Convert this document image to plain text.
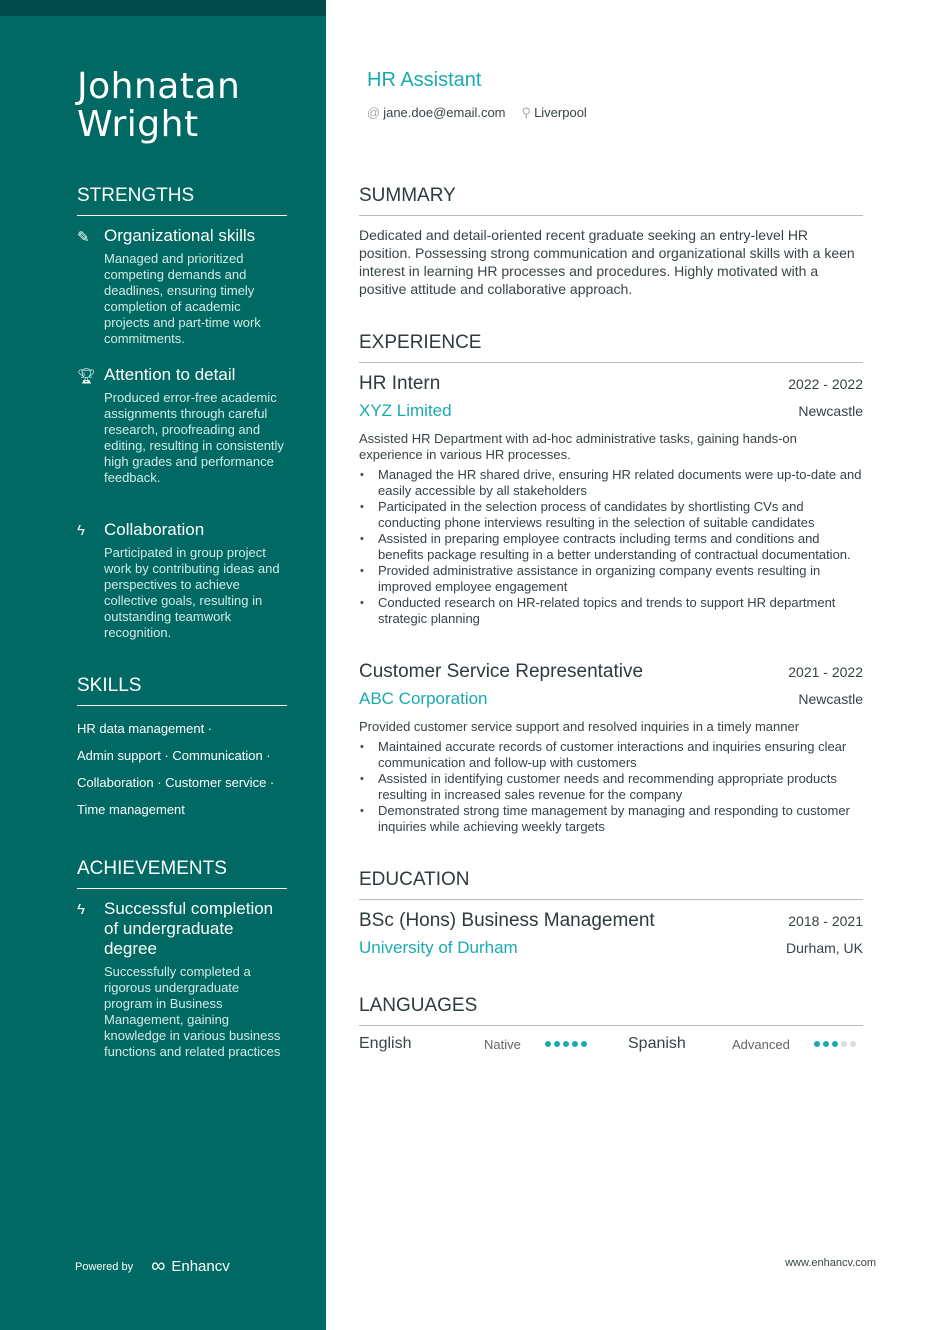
Johnatan
Wright
STRENGTHS
✎ Organizational skills
Managed and prioritized competing demands and deadlines, ensuring timely completion of academic projects and part-time work commitments.
🏆︎ Attention to detail
Produced error-free academic assignments through careful research, proofreading and editing, resulting in consistently high grades and performance feedback.
ϟ	Collaboration
Participated in group project work by contributing ideas and perspectives to achieve collective goals, resulting in outstanding teamwork recognition.
SKILLS
HR data management ·
Admin support · Communication ·
Collaboration · Customer service ·
Time management
ACHIEVEMENTS
ϟ	Successful completion of undergraduate degree
Successfully completed a rigorous undergraduate program in Business Management, gaining knowledge in various business functions and related practices
Powered by ∞ Enhancv
HR Assistant
@ jane.doe@email.com ⚲ Liverpool
SUMMARY
Dedicated and detail-oriented recent graduate seeking an entry-level HR position. Possessing strong communication and organizational skills with a keen interest in learning HR processes and procedures. Highly motivated with a positive attitude and collaborative approach.
EXPERIENCE
HR Intern	2022 - 2022
XYZ Limited	Newcastle
Assisted HR Department with ad-hoc administrative tasks, gaining hands-on experience in various HR processes.
• Managed the HR shared drive, ensuring HR related documents were up-to-date and easily accessible by all stakeholders
• Participated in the selection process of candidates by shortlisting CVs and conducting phone interviews resulting in the selection of suitable candidates
• Assisted in preparing employee contracts including terms and conditions and benefits package resulting in a better understanding of contractual documentation.
• Provided administrative assistance in organizing company events resulting in improved employee engagement
• Conducted research on HR-related topics and trends to support HR department strategic planning
Customer Service Representative	2021 - 2022
ABC Corporation	Newcastle
Provided customer service support and resolved inquiries in a timely manner
• Maintained accurate records of customer interactions and inquiries ensuring clear communication and follow-up with customers
• Assisted in identifying customer needs and recommending appropriate products resulting in increased sales revenue for the company
• Demonstrated strong time management by managing and responding to customer inquiries while achieving weekly targets
EDUCATION
BSc (Hons) Business Management	2018 - 2021
University of Durham	Durham, UK
LANGUAGES
English	Native	Spanish	Advanced
www.enhancv.com
